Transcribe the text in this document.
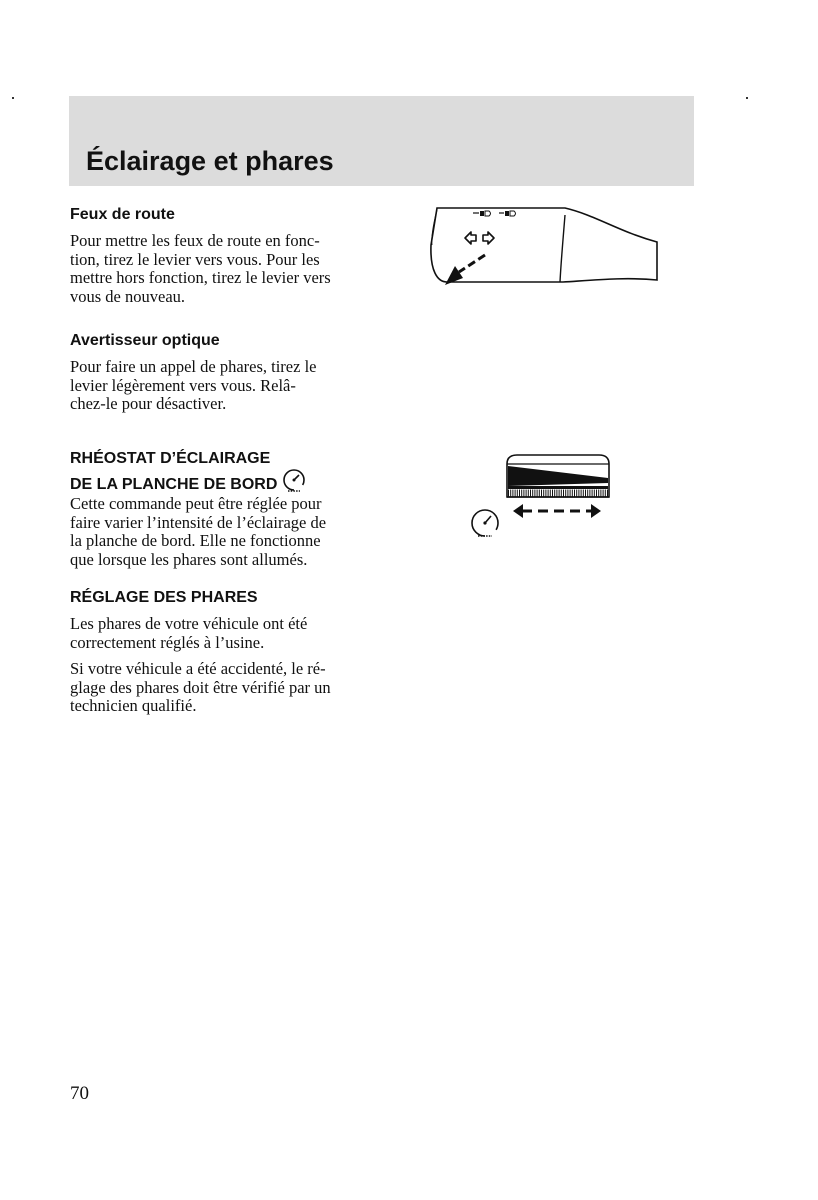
Éclairage et phares
Feux de route

Pour mettre les feux de route en fonc-
tion, tirez le levier vers vous. Pour les
mettre hors fonction, tirez le levier vers
vous de nouveau.

Avertisseur optique

Pour faire un appel de phares, tirez le
levier légèrement vers vous. Relâ-
chez-le pour désactiver.

RHÉOSTAT D’ÉCLAIRAGE
DE LA PLANCHE DE BORD

Cette commande peut être réglée pour
faire varier l’intensité de l’éclairage de
la planche de bord. Elle ne fonctionne
que lorsque les phares sont allumés.

RÉGLAGE DES PHARES

Les phares de votre véhicule ont été
correctement réglés à l’usine.

Si votre véhicule a été accidenté, le ré-
glage des phares doit être vérifié par un
technicien qualifié.

70
